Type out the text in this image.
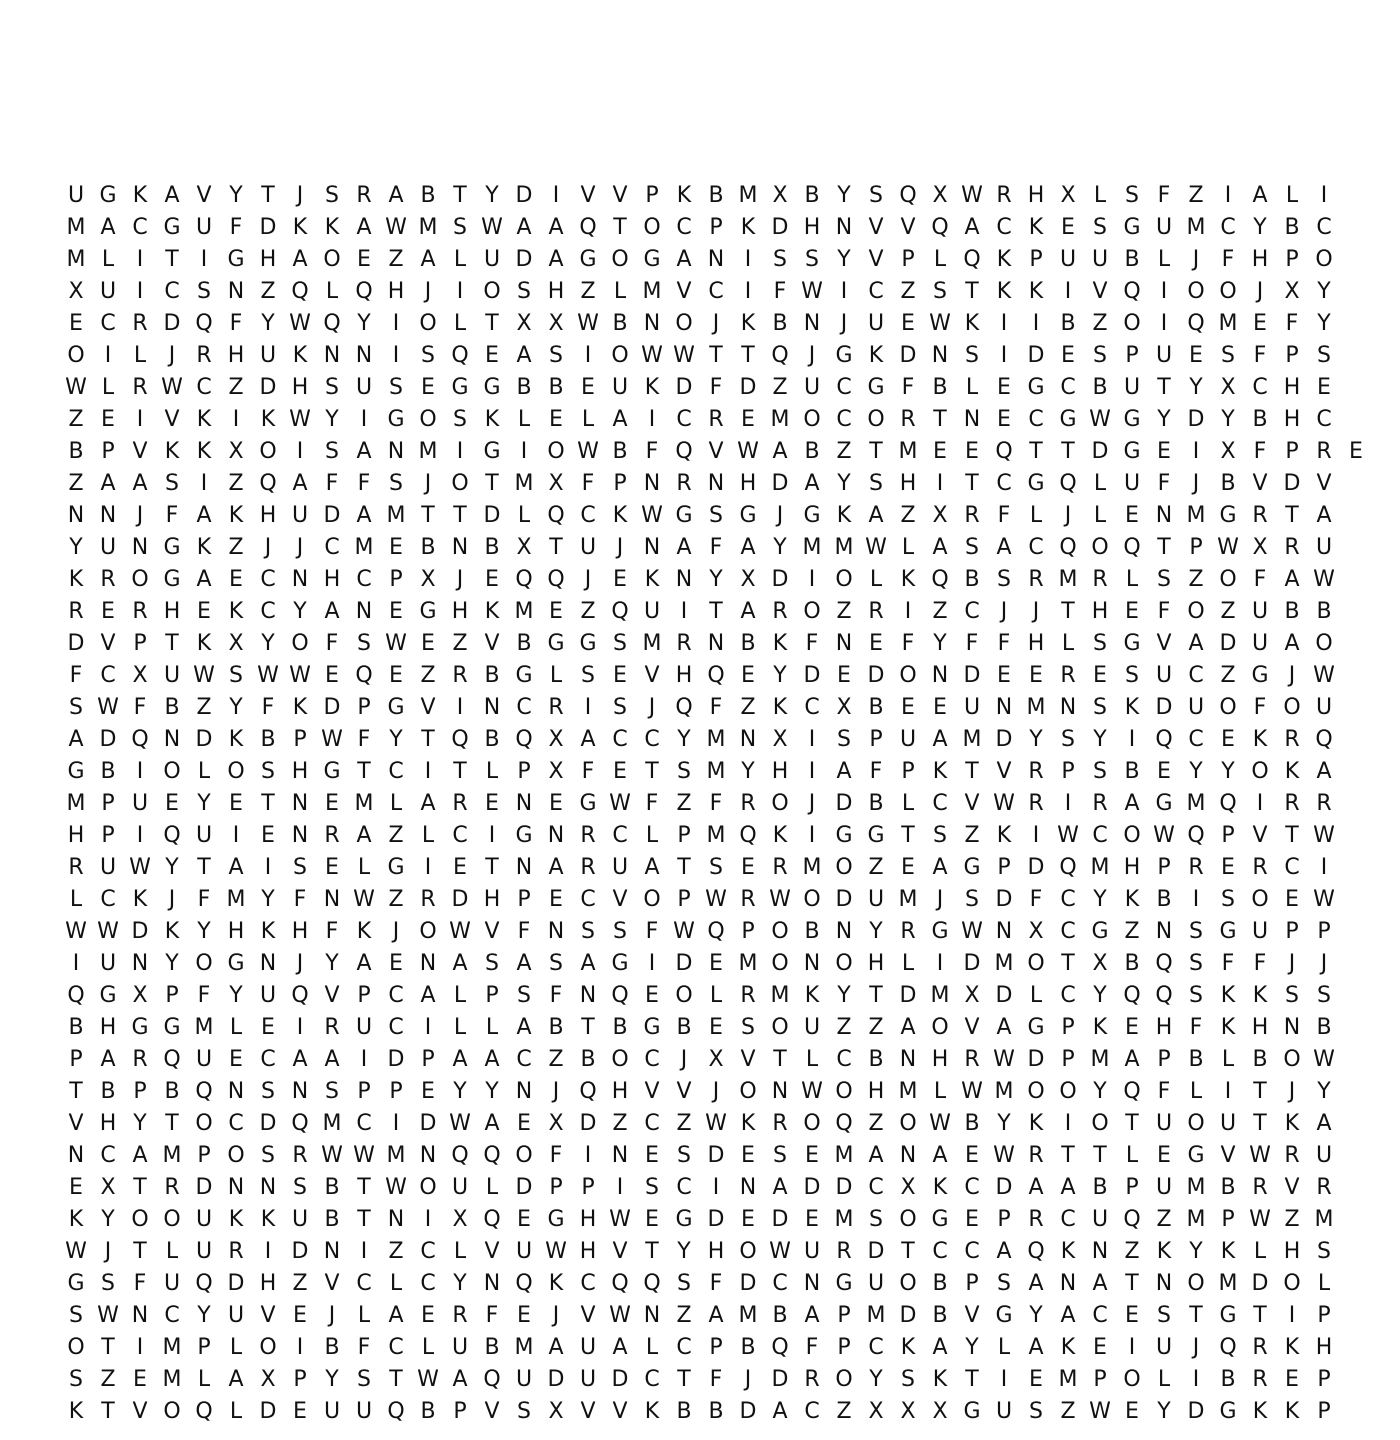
U G K A V Y T	J S R A B T Y D I V V P K B M X B Y S Q X W R H X L S F Z I A L	I
M A C G U F D K K A W M S W A A Q T O C P K D H N V V Q A C K E S G U M C Y B C
M L	I	T	I G H A O E Z A L U D A G O G A N I S S Y V P L Q K P U U B L	J	F H P O
X U I C S N Z Q L Q H J	I O S H Z L M V C I	F W I C Z S T K K I V Q I O O J X Y
E C R D Q F Y W Q Y	I O L T X X W B N O J K B N J U E W K I	I B Z O I Q M E F Y
O I	L	J R H U K N N I S Q E A S I O W W T T Q J G K D N S I D E S P U E S F P S
W L R W C Z D H S U S E G G B B E U K D F D Z U C G F B L E G C B U T Y X C H E
Z E I V K I K W Y	I G O S K L E L A I C R E M O C O R T N E C G W G Y D Y B H C
B P V K K X O I S A N M I G I O W B F Q V W A B Z T M E E Q T T D G E I X F P R E
Z A A S I Z Q A F F S J O T M X F P N R N H D A Y S H I	T C G Q L U F	J B V D V
N N J	F A K H U D A M T T D L Q C K W G S G J G K A Z X R F L	J	L E N M G R T A
Y U N G K Z J	J C M E B N B X T U J N A F A Y M M W L A S A C Q O Q T P W X R U
K R O G A E C N H C P X J E Q Q J E K N Y X D I O L K Q B S R M R L S Z O F A W
R E R H E K C Y A N E G H K M E Z Q U I	T A R O Z R I Z C J	J	T H E F O Z U B B
D V P T K X Y O F S W E Z V B G G S M R N B K F N E F Y F F H L S G V A D U A O
F C X U W S W W E Q E Z R B G L S E V H Q E Y D E D O N D E E R E S U C Z G J W
S W F B Z Y F K D P G V I N C R I S J Q F Z K C X B E E U N M N S K D U O F O U
A D Q N D K B P W F Y T Q B Q X A C C Y M N X I S P U A M D Y S Y	I Q C E K R Q
G B I O L O S H G T C I	T L P X F E T S M Y H I A F P K T V R P S B E Y Y O K A
M P U E Y E T N E M L A R E N E G W F Z F R O J D B L C V W R I R A G M Q I R R
H P	I Q U I E N R A Z L C I G N R C L P M Q K I G G T S Z K I W C O W Q P V T W
R U W Y T A I S E L G I E T N A R U A T S E R M O Z E A G P D Q M H P R E R C I
L C K J	F M Y F N W Z R D H P E C V O P W R W O D U M J S D F C Y K B I S O E W
W W D K Y H K H F K J O W V F N S S F W Q P O B N Y R G W N X C G Z N S G U P P
I U N Y O G N J	Y A E N A S A S A G I D E M O N O H L	I D M O T X B Q S F F	J	J
Q G X P F Y U Q V P C A L P S F N Q E O L R M K Y T D M X D L C Y Q Q S K K S S
B H G G M L E I R U C I	L L A B T B G B E S O U Z Z A O V A G P K E H F K H N B
P A R Q U E C A A I D P A A C Z B O C J X V T L C B N H R W D P M A P B L B O W
T B P B Q N S N S P P E Y Y N J Q H V V J O N W O H M L W M O O Y Q F L	I	T	J	Y
V H Y T O C D Q M C I D W A E X D Z C Z W K R O Q Z O W B Y K I O T U O U T K A
N C A M P O S R W W M N Q Q O F	I N E S D E S E M A N A E W R T T L E G V W R U
E X T R D N N S B T W O U L D P P	I S C I N A D D C X K C D A A B P U M B R V R
K Y O O U K K U B T N I X Q E G H W E G D E D E M S O G E P R C U Q Z M P W Z M
W J	T L U R I D N I Z C L V U W H V T Y H O W U R D T C C A Q K N Z K Y K L H S
G S F U Q D H Z V C L C Y N Q K C Q Q S F D C N G U O B P S A N A T N O M D O L
S W N C Y U V E J	L A E R F E J V W N Z A M B A P M D B V G Y A C E S T G T	I	P
O T	I M P L O I B F C L U B M A U A L C P B Q F P C K A Y L A K E I U J Q R K H
S Z E M L A X P Y S T W A Q U D U D C T F	J D R O Y S K T	I E M P O L	I B R E P
K T V O Q L D E U U Q B P V S X V V K B B D A C Z X X X G U S Z W E Y D G K K P
